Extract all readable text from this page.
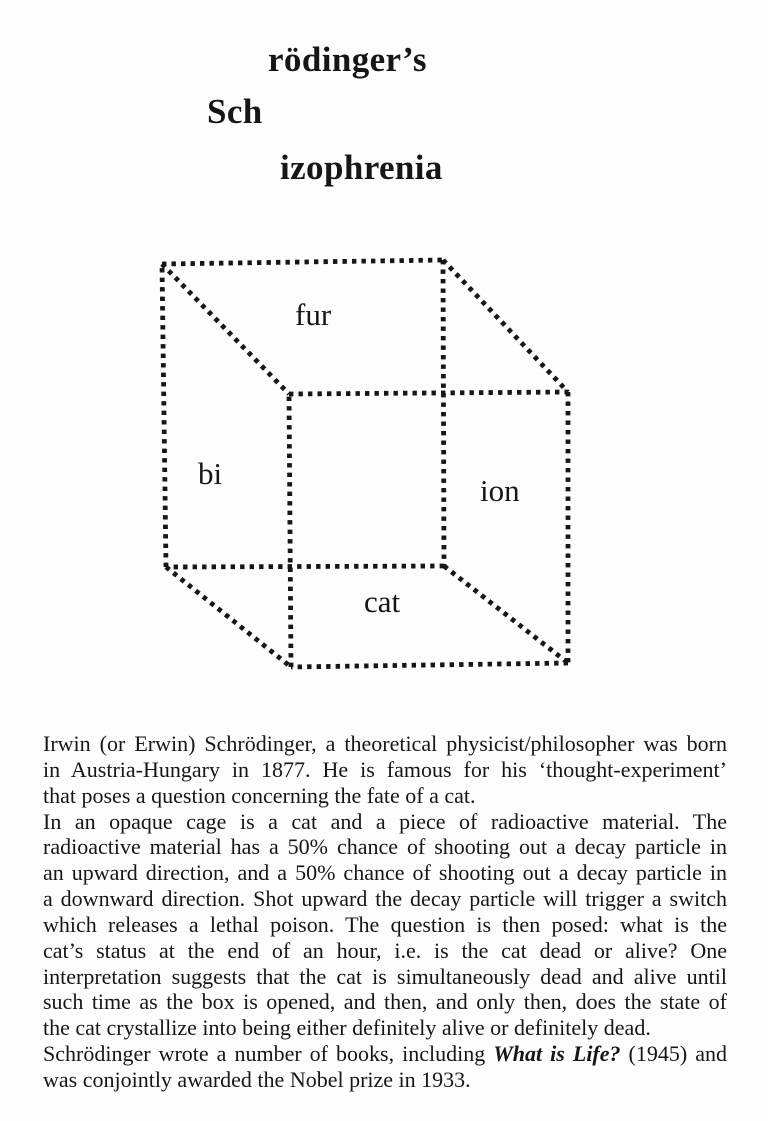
rödinger’s
Sch
izophrenia
fur
bi	ion
cat
Irwin (or Erwin) Schrödinger, a theoretical physicist/philosopher was born
in Austria-Hungary in 1877. He is famous for his ‘thought-experiment’
that poses a question concerning the fate of a cat.
In an opaque cage is a cat and a piece of radioactive material. The
radioactive material has a 50% chance of shooting out a decay particle in
an upward direction, and a 50% chance of shooting out a decay particle in
a downward direction. Shot upward the decay particle will trigger a switch
which releases a lethal poison. The question is then posed: what is the
cat’s status at the end of an hour, i.e. is the cat dead or alive? One
interpretation suggests that the cat is simultaneously dead and alive until
such time as the box is opened, and then, and only then, does the state of
the cat crystallize into being either definitely alive or definitely dead.
Schrödinger wrote a number of books, including What is Life? (1945) and
was conjointly awarded the Nobel prize in 1933.
